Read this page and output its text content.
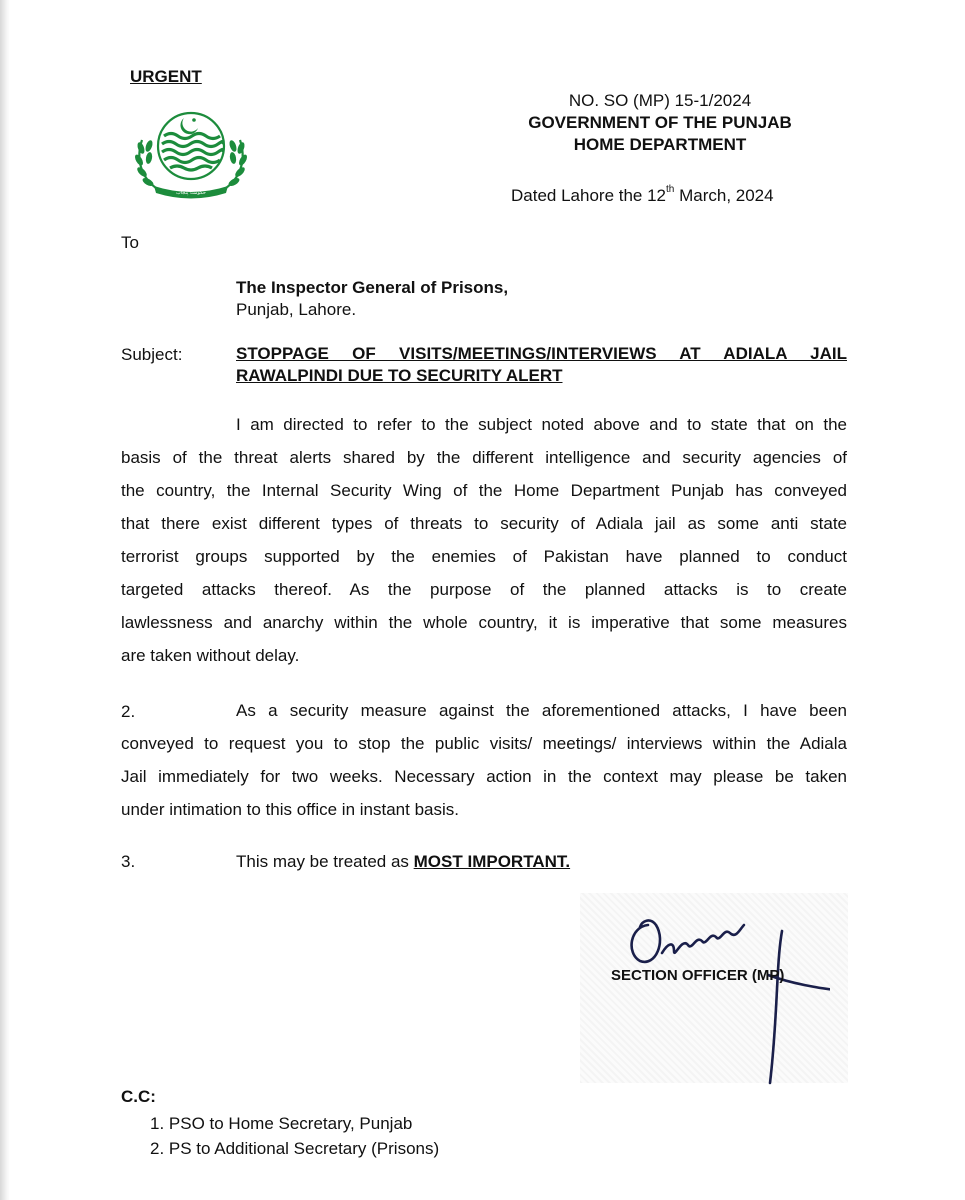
URGENT
حکومت پنجاب
NO. SO (MP) 15-1/2024
GOVERNMENT OF THE PUNJAB
HOME DEPARTMENT
Dated Lahore the 12th March, 2024
To
The Inspector General of Prisons,
Punjab, Lahore.
Subject:	STOPPAGE OF VISITS/MEETINGS/INTERVIEWS AT ADIALA JAIL
RAWALPINDI DUE TO SECURITY ALERT
I am directed to refer to the subject noted above and to state that on the
basis of the threat alerts shared by the different intelligence and security agencies of
the country, the Internal Security Wing of the Home Department Punjab has conveyed
that there exist different types of threats to security of Adiala jail as some anti state
terrorist groups supported by the enemies of Pakistan have planned to conduct
targeted attacks thereof. As the purpose of the planned attacks is to create
lawlessness and anarchy within the whole country, it is imperative that some measures
are taken without delay.
2.	As a security measure against the aforementioned attacks, I have been
conveyed to request you to stop the public visits/ meetings/ interviews within the Adiala
Jail immediately for two weeks. Necessary action in the context may please be taken
under intimation to this office in instant basis.
3.	This may be treated as MOST IMPORTANT.
SECTION OFFICER (MP)
C.C:
1. PSO to Home Secretary, Punjab
2. PS to Additional Secretary (Prisons)
